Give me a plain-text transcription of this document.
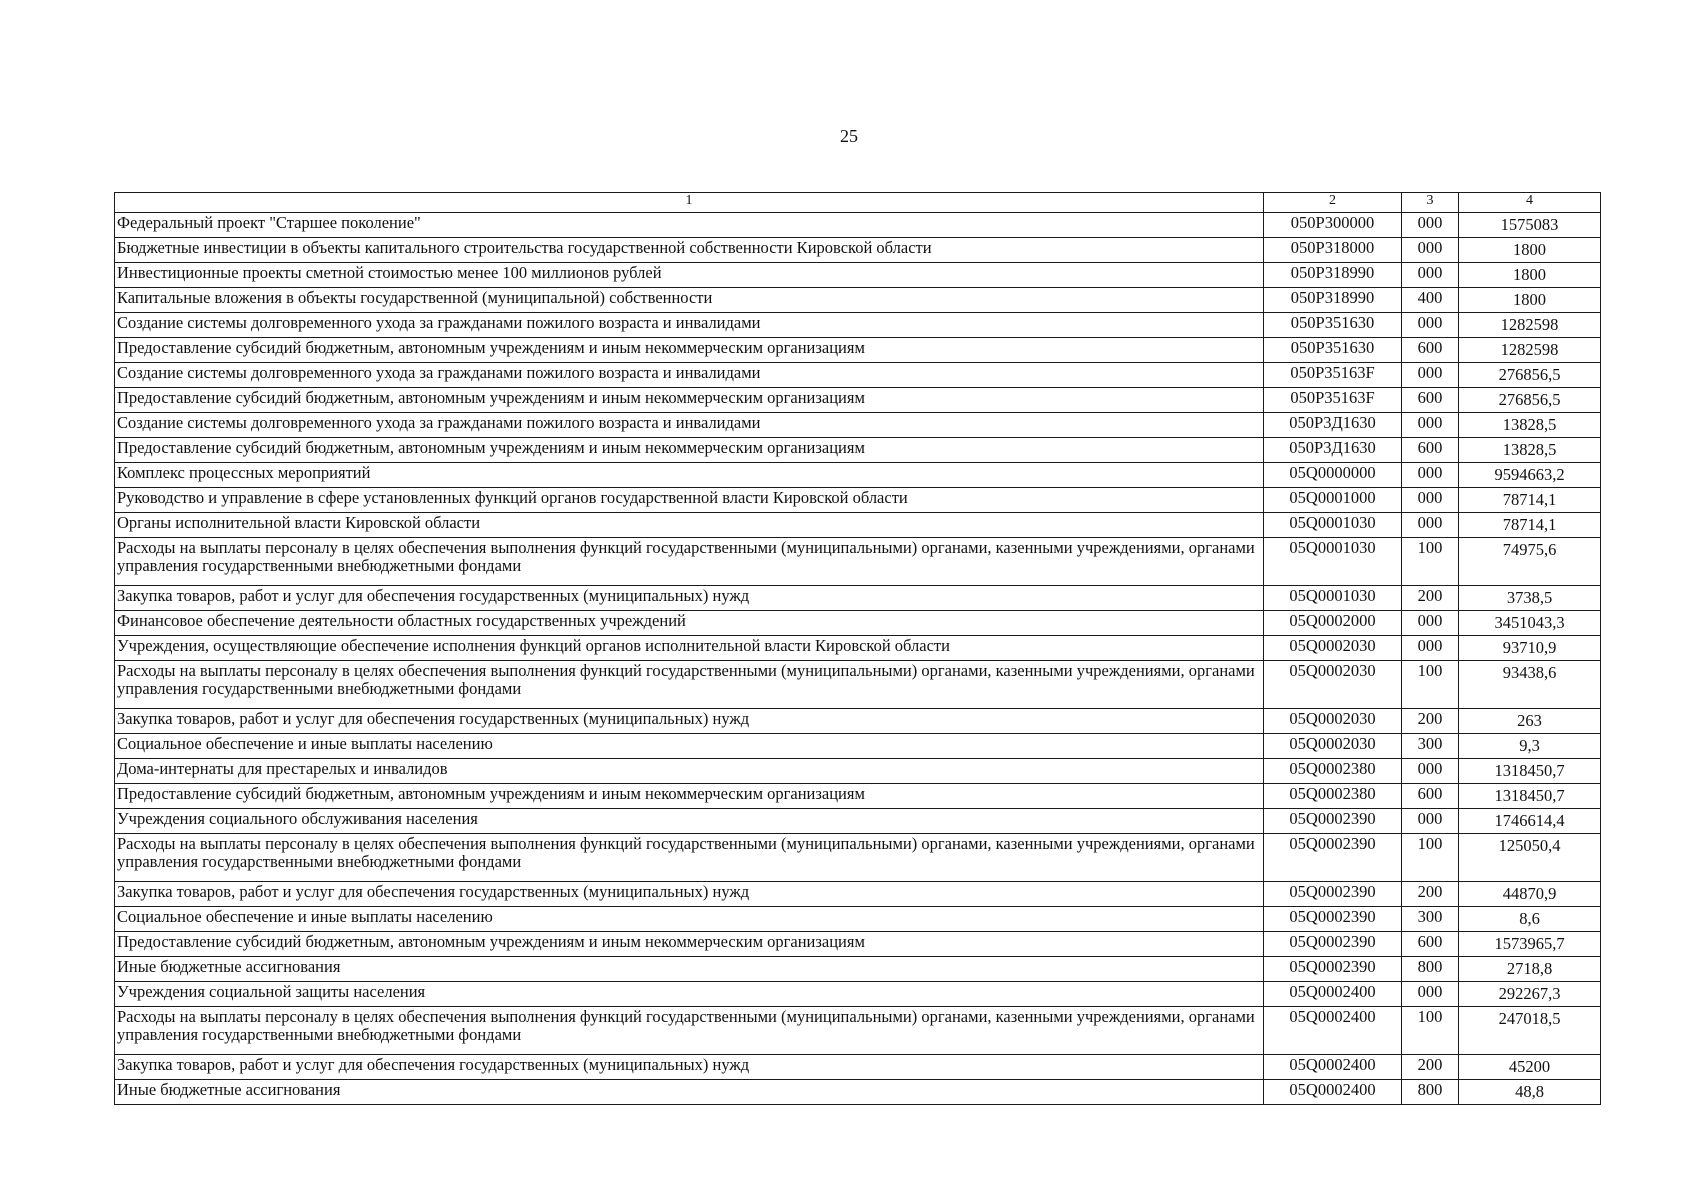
25
1	2	3	4
Федеральный проект "Старшее поколение"	050P300000	000	1575083
Бюджетные инвестиции в объекты капитального строительства государственной собственности Кировской области	050P318000	000	1800
Инвестиционные проекты сметной стоимостью менее 100 миллионов рублей	050P318990	000	1800
Капитальные вложения в объекты государственной (муниципальной) собственности	050P318990	400	1800
Создание системы долговременного ухода за гражданами пожилого возраста и инвалидами	050P351630	000	1282598
Предоставление субсидий бюджетным, автономным учреждениям и иным некоммерческим организациям	050P351630	600	1282598
Создание системы долговременного ухода за гражданами пожилого возраста и инвалидами	050P35163F	000	276856,5
Предоставление субсидий бюджетным, автономным учреждениям и иным некоммерческим организациям	050P35163F	600	276856,5
Создание системы долговременного ухода за гражданами пожилого возраста и инвалидами	050P3Д1630	000	13828,5
Предоставление субсидий бюджетным, автономным учреждениям и иным некоммерческим организациям	050P3Д1630	600	13828,5
Комплекс процессных мероприятий	05Q0000000	000	9594663,2
Руководство и управление в сфере установленных функций органов государственной власти Кировской области	05Q0001000	000	78714,1
Органы исполнительной власти Кировской области	05Q0001030	000	78714,1
Расходы на выплаты персоналу в целях обеспечения выполнения функций государственными (муниципальными) органами, казенными учреждениями, органами управления государственными внебюджетными фондами	05Q0001030	100	74975,6
Закупка товаров, работ и услуг для обеспечения государственных (муниципальных) нужд	05Q0001030	200	3738,5
Финансовое обеспечение деятельности областных государственных учреждений	05Q0002000	000	3451043,3
Учреждения, осуществляющие обеспечение исполнения функций органов исполнительной власти Кировской области	05Q0002030	000	93710,9
Расходы на выплаты персоналу в целях обеспечения выполнения функций государственными (муниципальными) органами, казенными учреждениями, органами управления государственными внебюджетными фондами	05Q0002030	100	93438,6
Закупка товаров, работ и услуг для обеспечения государственных (муниципальных) нужд	05Q0002030	200	263
Социальное обеспечение и иные выплаты населению	05Q0002030	300	9,3
Дома-интернаты для престарелых и инвалидов	05Q0002380	000	1318450,7
Предоставление субсидий бюджетным, автономным учреждениям и иным некоммерческим организациям	05Q0002380	600	1318450,7
Учреждения социального обслуживания населения	05Q0002390	000	1746614,4
Расходы на выплаты персоналу в целях обеспечения выполнения функций государственными (муниципальными) органами, казенными учреждениями, органами управления государственными внебюджетными фондами	05Q0002390	100	125050,4
Закупка товаров, работ и услуг для обеспечения государственных (муниципальных) нужд	05Q0002390	200	44870,9
Социальное обеспечение и иные выплаты населению	05Q0002390	300	8,6
Предоставление субсидий бюджетным, автономным учреждениям и иным некоммерческим организациям	05Q0002390	600	1573965,7
Иные бюджетные ассигнования	05Q0002390	800	2718,8
Учреждения социальной защиты населения	05Q0002400	000	292267,3
Расходы на выплаты персоналу в целях обеспечения выполнения функций государственными (муниципальными) органами, казенными учреждениями, органами управления государственными внебюджетными фондами	05Q0002400	100	247018,5
Закупка товаров, работ и услуг для обеспечения государственных (муниципальных) нужд	05Q0002400	200	45200
Иные бюджетные ассигнования	05Q0002400	800	48,8
